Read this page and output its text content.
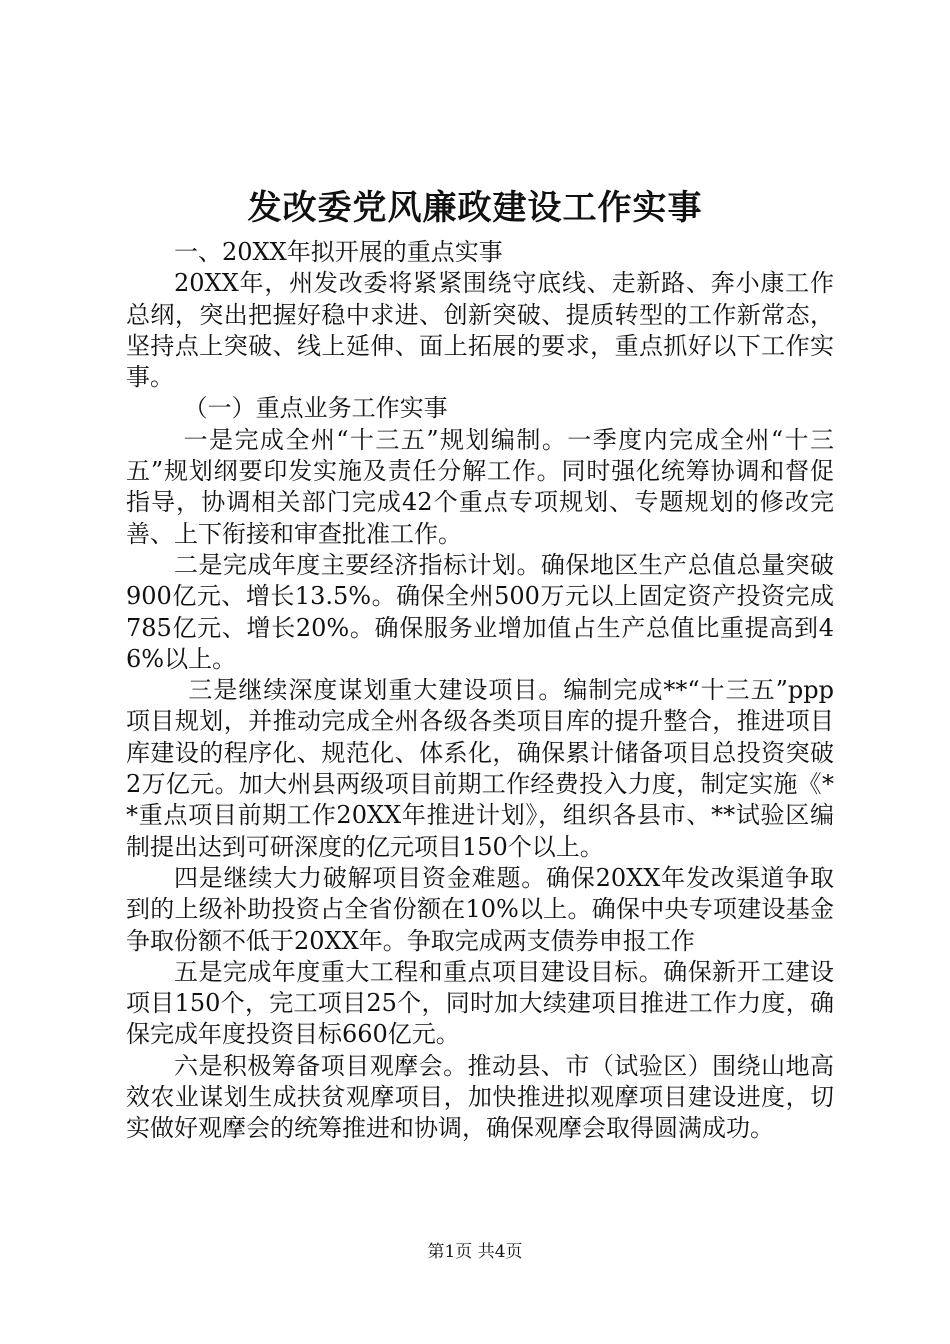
发改委党风廉政建设工作实事

一、20XX年拟开展的重点实事

20XX年，州发改委将紧紧围绕守底线、走新路、奔小康工作总纲，突出把握好稳中求进、创新突破、提质转型的工作新常态，坚持点上突破、线上延伸、面上拓展的要求，重点抓好以下工作实事。

（一）重点业务工作实事

一是完成全州“十三五”规划编制。一季度内完成全州“十三五”规划纲要印发实施及责任分解工作。同时强化统筹协调和督促指导，协调相关部门完成42个重点专项规划、专题规划的修改完善、上下衔接和审查批准工作。

二是完成年度主要经济指标计划。确保地区生产总值总量突破900亿元、增长13.5%。确保全州500万元以上固定资产投资完成785亿元、增长20%。确保服务业增加值占生产总值比重提高到46%以上。

三是继续深度谋划重大建设项目。编制完成**“十三五”ppp项目规划，并推动完成全州各级各类项目库的提升整合，推进项目库建设的程序化、规范化、体系化，确保累计储备项目总投资突破2万亿元。加大州县两级项目前期工作经费投入力度，制定实施《**重点项目前期工作20XX年推进计划》，组织各县市、**试验区编制提出达到可研深度的亿元项目150个以上。

四是继续大力破解项目资金难题。确保20XX年发改渠道争取到的上级补助投资占全省份额在10%以上。确保中央专项建设基金争取份额不低于20XX年。争取完成两支债券申报工作

五是完成年度重大工程和重点项目建设目标。确保新开工建设项目150个，完工项目25个，同时加大续建项目推进工作力度，确保完成年度投资目标660亿元。

六是积极筹备项目观摩会。推动县、市（试验区）围绕山地高效农业谋划生成扶贫观摩项目，加快推进拟观摩项目建设进度，切实做好观摩会的统筹推进和协调，确保观摩会取得圆满成功。

第1页 共4页
